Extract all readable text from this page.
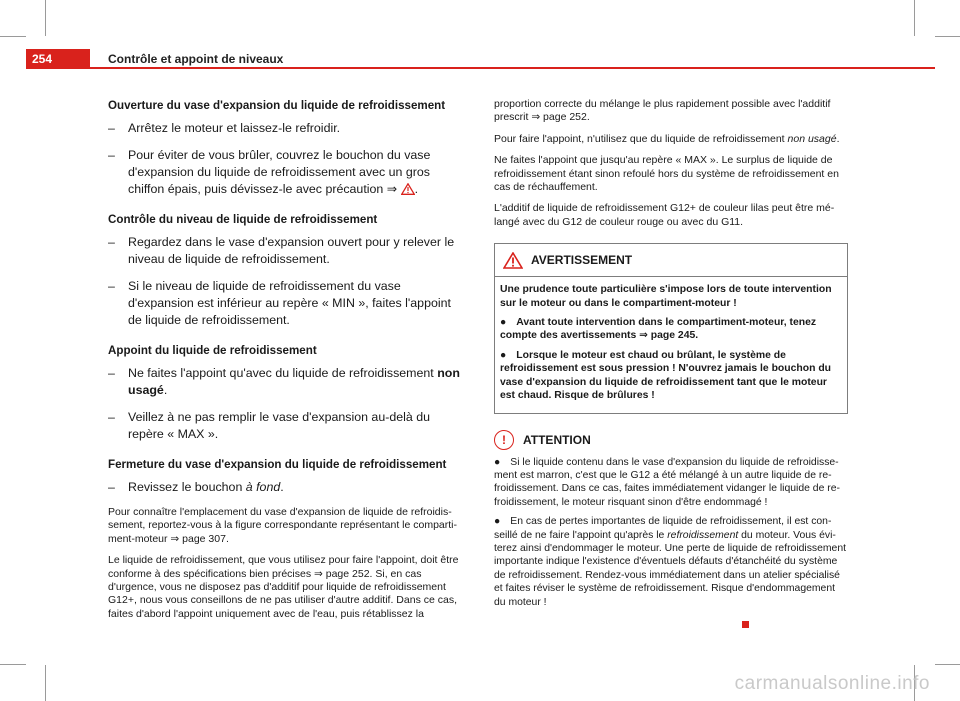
254	Contrôle et appoint de niveaux
Ouverture du vase d'expansion du liquide de refroidissement
– Arrêtez le moteur et laissez-le refroidir.
– Pour éviter de vous brûler, couvrez le bouchon du vase d'expansion du liquide de refroidissement avec un gros chiffon épais, puis dévissez-le avec précaution ⇒ .
Contrôle du niveau de liquide de refroidissement
– Regardez dans le vase d'expansion ouvert pour y relever le niveau de liquide de refroidissement.
– Si le niveau de liquide de refroidissement du vase d'expansion est inférieur au repère « MIN », faites l'appoint de liquide de refroidissement.
Appoint du liquide de refroidissement
– Ne faites l'appoint qu'avec du liquide de refroidissement non usagé.
– Veillez à ne pas remplir le vase d'expansion au-delà du repère « MAX ».
Fermeture du vase d'expansion du liquide de refroidissement
– Revissez le bouchon à fond.

Pour connaître l'emplacement du vase d'expansion de liquide de refroidissement, reportez-vous à la figure correspondante représentant le compartiment-moteur ⇒ page 307.

Le liquide de refroidissement, que vous utilisez pour faire l'appoint, doit être conforme à des spécifications bien précises ⇒ page 252. Si, en cas d'urgence, vous ne disposez pas d'additif pour liquide de refroidissement G12+, nous vous conseillons de ne pas utiliser d'autre additif. Dans ce cas, faites d'abord l'appoint uniquement avec de l'eau, puis rétablissez la

proportion correcte du mélange le plus rapidement possible avec l'additif prescrit ⇒ page 252.

Pour faire l'appoint, n'utilisez que du liquide de refroidissement non usagé.

Ne faites l'appoint que jusqu'au repère « MAX ». Le surplus de liquide de refroidissement étant sinon refoulé hors du système de refroidissement en cas de réchauffement.

L'additif de liquide de refroidissement G12+ de couleur lilas peut être mélangé avec du G12 de couleur rouge ou avec du G11.

AVERTISSEMENT

Une prudence toute particulière s'impose lors de toute intervention sur le moteur ou dans le compartiment-moteur !

● Avant toute intervention dans le compartiment-moteur, tenez compte des avertissements ⇒ page 245.

● Lorsque le moteur est chaud ou brûlant, le système de refroidissement est sous pression ! N'ouvrez jamais le bouchon du vase d'expansion du liquide de refroidissement tant que le moteur est chaud. Risque de brûlures !

!	ATTENTION

● Si le liquide contenu dans le vase d'expansion du liquide de refroidissement est marron, c'est que le G12 a été mélangé à un autre liquide de refroidissement. Dans ce cas, faites immédiatement vidanger le liquide de refroidissement, le moteur risquant sinon d'être endommagé !

● En cas de pertes importantes de liquide de refroidissement, il est conseillé de ne faire l'appoint qu'après le refroidissement du moteur. Vous éviterez ainsi d'endommager le moteur. Une perte de liquide de refroidissement importante indique l'existence d'éventuels défauts d'étanchéité du système de refroidissement. Rendez-vous immédiatement dans un atelier spécialisé et faites réviser le système de refroidissement. Risque d'endommagement du moteur !

carmanualsonline.info
